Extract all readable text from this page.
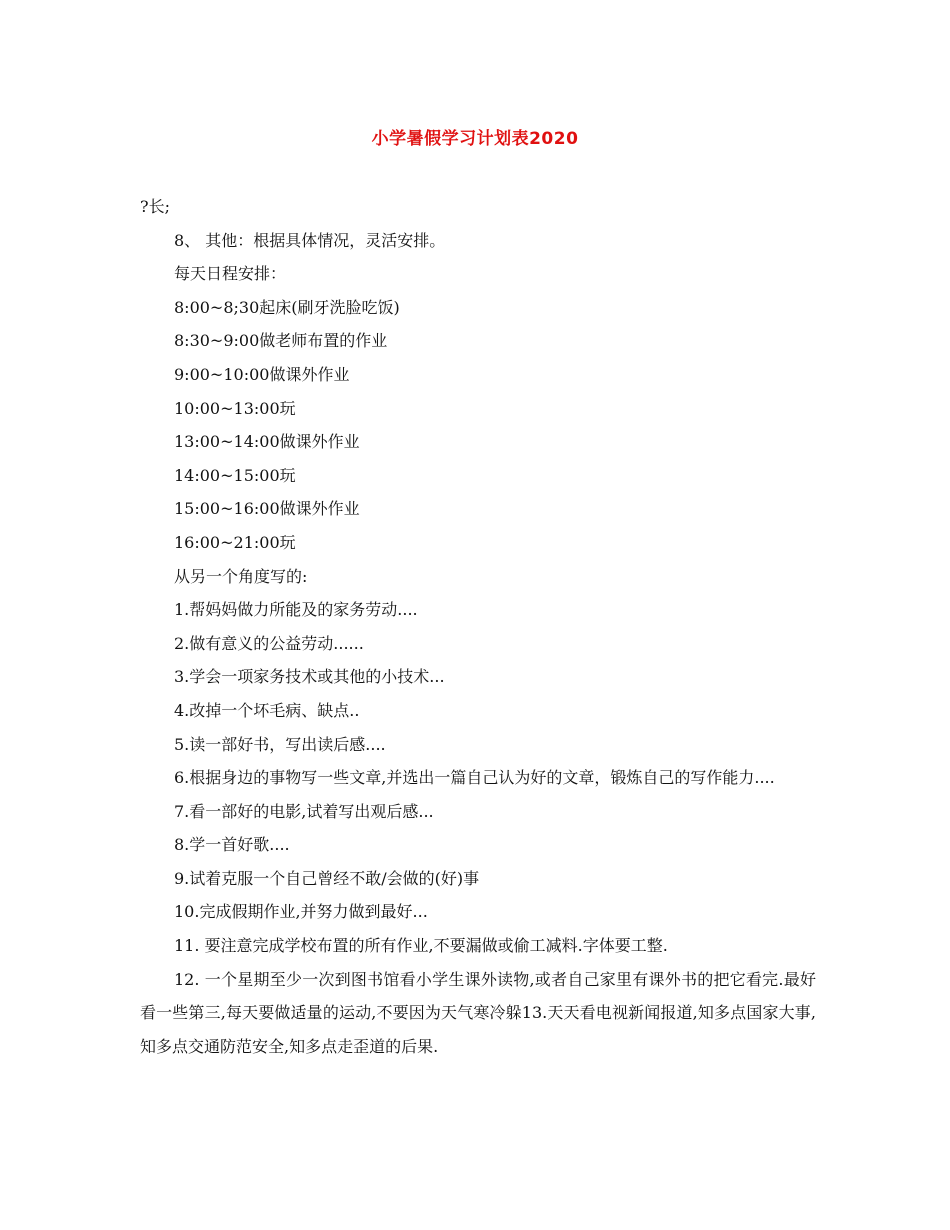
小学暑假学习计划表2020

?长;

8、 其他：根据具体情况，灵活安排。

每天日程安排：

8:00~8;30起床(刷牙洗脸吃饭)

8:30~9:00做老师布置的作业

9:00~10:00做课外作业

10:00~13:00玩

13:00~14:00做课外作业

14:00~15:00玩

15:00~16:00做课外作业

16:00~21:00玩

从另一个角度写的:

1.帮妈妈做力所能及的家务劳动....

2.做有意义的公益劳动......

3.学会一项家务技术或其他的小技术...

4.改掉一个坏毛病、缺点..

5.读一部好书，写出读后感....

6.根据身边的事物写一些文章,并选出一篇自己认为好的文章，锻炼自己的写作能力....

7.看一部好的电影,试着写出观后感...

8.学一首好歌....

9.试着克服一个自己曾经不敢/会做的(好)事

10.完成假期作业,并努力做到最好...

11. 要注意完成学校布置的所有作业,不要漏做或偷工减料.字体要工整.

12. 一个星期至少一次到图书馆看小学生课外读物,或者自己家里有课外书的把它看完.最好看一些第三,每天要做适量的运动,不要因为天气寒冷躲13.天天看电视新闻报道,知多点国家大事,知多点交通防范安全,知多点走歪道的后果.
